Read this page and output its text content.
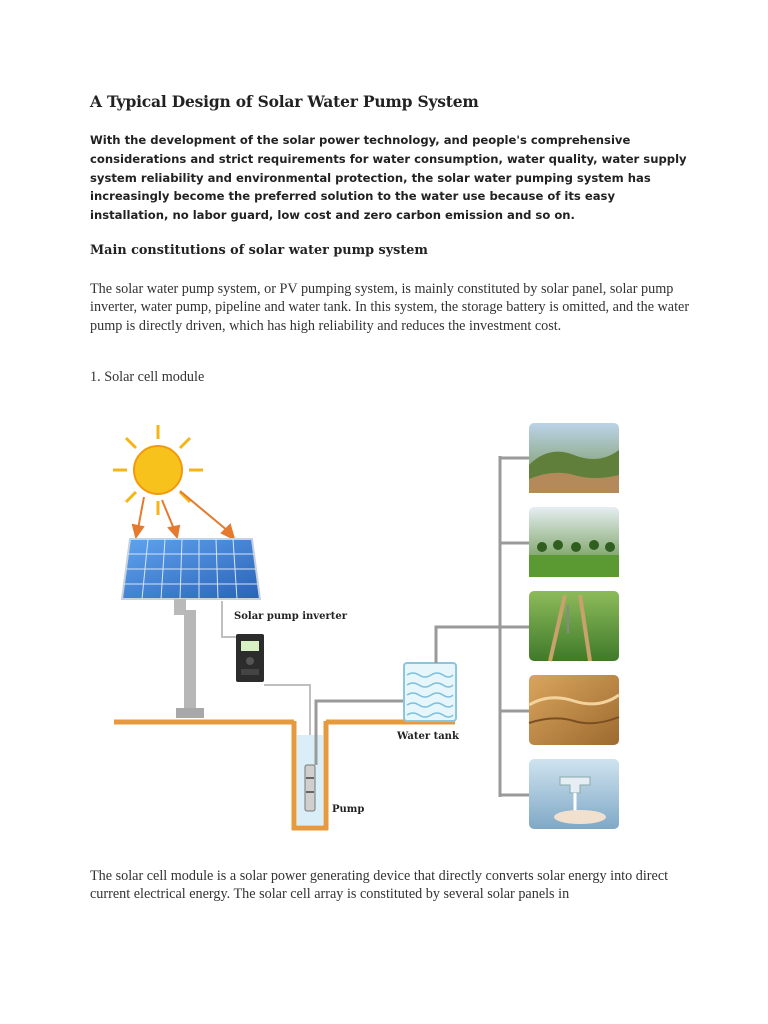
A Typical Design of Solar Water Pump System

With the development of the solar power technology, and people's comprehensive considerations and strict requirements for water consumption, water quality, water supply system reliability and environmental protection, the solar water pumping system has increasingly become the preferred solution to the water use because of its easy installation, no labor guard, low cost and zero carbon emission and so on.

Main constitutions of solar water pump system

The solar water pump system, or PV pumping system, is mainly constituted by solar panel, solar pump inverter, water pump, pipeline and water tank. In this system, the storage battery is omitted, and the water pump is directly driven, which has high reliability and reduces the investment cost.

1. Solar cell module

Solar pump inverter
Pump
Water tank

The solar cell module is a solar power generating device that directly converts solar energy into direct current electrical energy. The solar cell array is constituted by several solar panels in
